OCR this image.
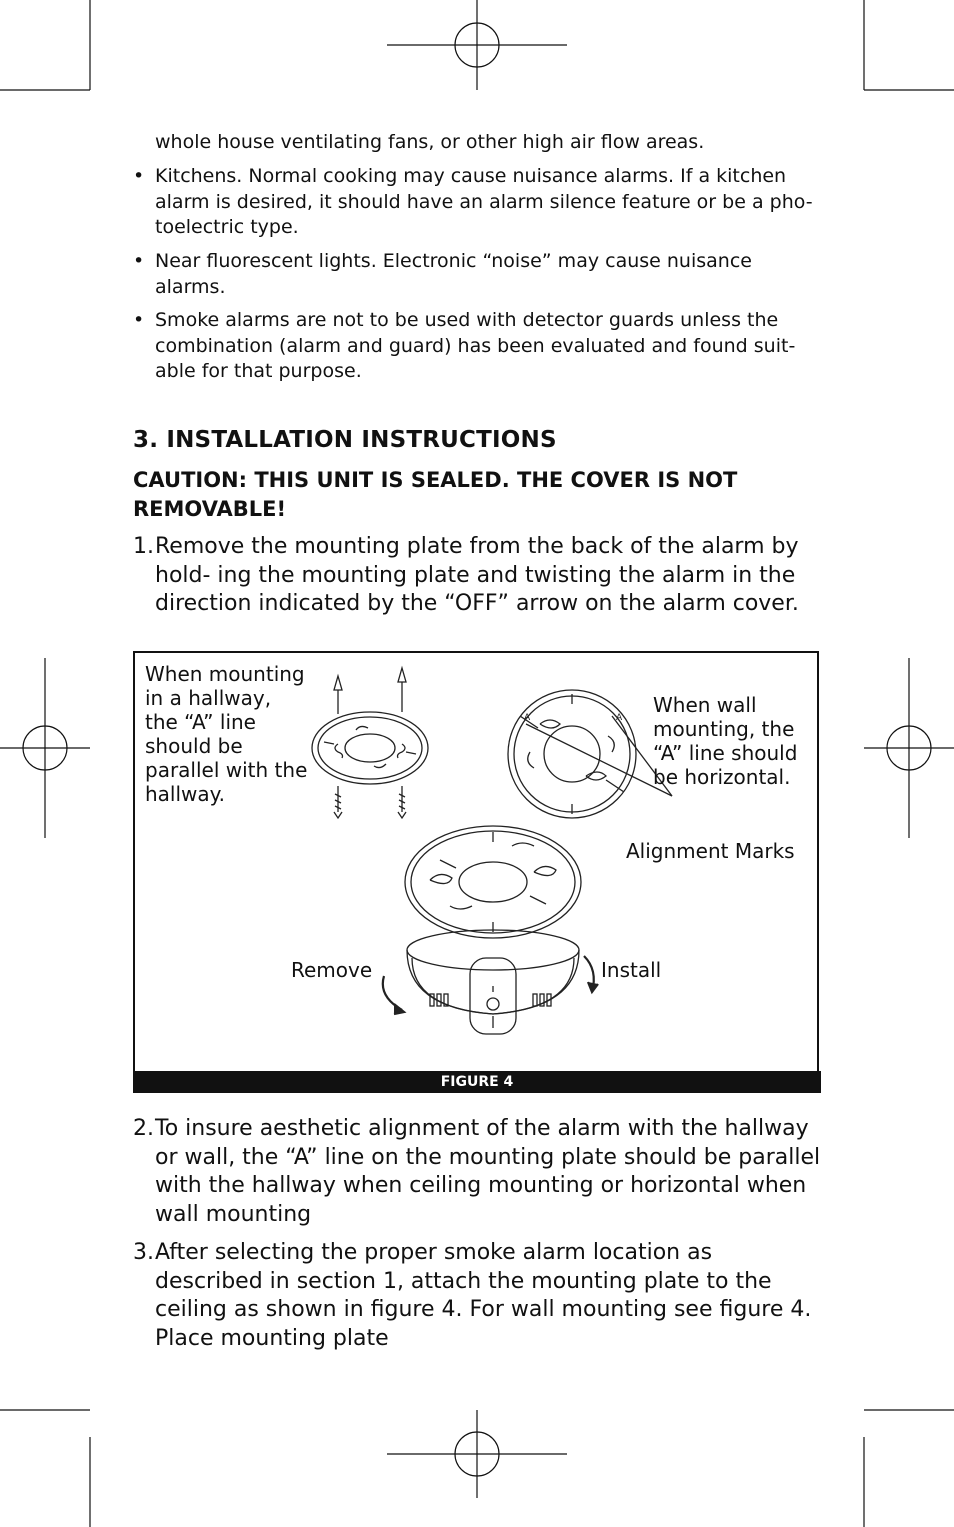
whole house ventilating fans, or other high air flow areas.
• Kitchens. Normal cooking may cause nuisance alarms. If a kitchen alarm is desired, it should have an alarm silence feature or be a pho- toelectric type.
• Near fluorescent lights. Electronic “noise” may cause nuisance alarms.
• Smoke alarms are not to be used with detector guards unless the combination (alarm and guard) has been evaluated and found suit- able for that purpose.
3. INSTALLATION INSTRUCTIONS
CAUTION: THIS UNIT IS SEALED. THE COVER IS NOT REMOVABLE!
1. Remove the mounting plate from the back of the alarm by hold- ing the mounting plate and twisting the alarm in the direction indicated by the “OFF” arrow on the alarm cover.
A	A
When mounting in a hallway, the “A” line should be parallel with the hallway.
When wall mounting, the “A” line should be horizontal.
Alignment Marks
Remove	Install
FIGURE 4
2. To insure aesthetic alignment of the alarm with the hallway or wall, the “A” line on the mounting plate should be parallel with the hallway when ceiling mounting or horizontal when wall mounting
3. After selecting the proper smoke alarm location as described in section 1, attach the mounting plate to the ceiling as shown in figure 4. For wall mounting see figure 4. Place mounting plate
